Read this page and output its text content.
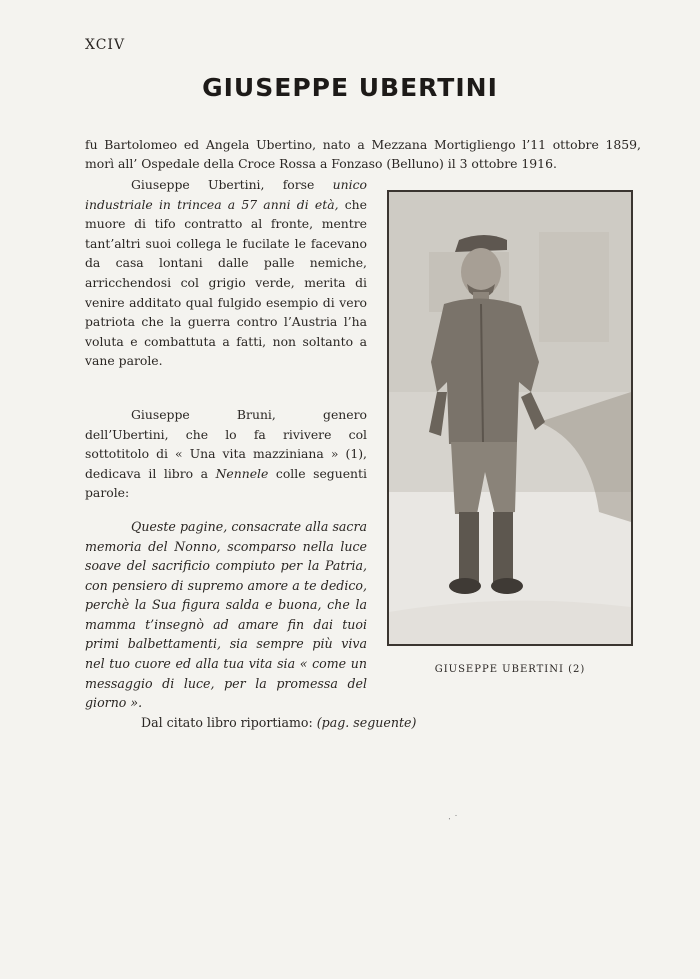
XCIV
GIUSEPPE UBERTINI

fu Bartolomeo ed Angela Ubertino, nato a Mezzana Mortigliengo l’11 ottobre 1859, morì all’ Ospedale della Croce Rossa a Fonzaso (Belluno) il 3 ottobre 1916.

Giuseppe Ubertini, forse unico industriale in trincea a 57 anni di età, che muore di tifo contratto al fronte, mentre tant’altri suoi collega le fucilate le facevano da casa lontani dalle palle nemiche, arricchendosi col grigio verde, merita di venire additato qual fulgido esempio di vero patriota che la guerra contro l’Austria l’ha voluta e combattuta a fatti, non soltanto a vane parole.

Giuseppe Bruni, genero dell’Ubertini, che lo fa rivivere col sottotitolo di « Una vita mazziniana » (1), dedicava il libro a Nennele colle seguenti parole:

Queste pagine, consacrate alla sacra memoria del Nonno, scomparso nella luce soave del sacrificio compiuto per la Patria, con pensiero di supremo amore a te dedico, perchè la Sua figura salda e buona, che la mamma t’insegnò ad amare fin dai tuoi primi balbettamenti, sia sempre più viva nel tuo cuore ed alla tua vita sia « come un messaggio di luce, per la promessa del giorno ».

GIUSEPPE UBERTINI (2)
Dal citato libro riportiamo: (pag. seguente)
‧ ˙
